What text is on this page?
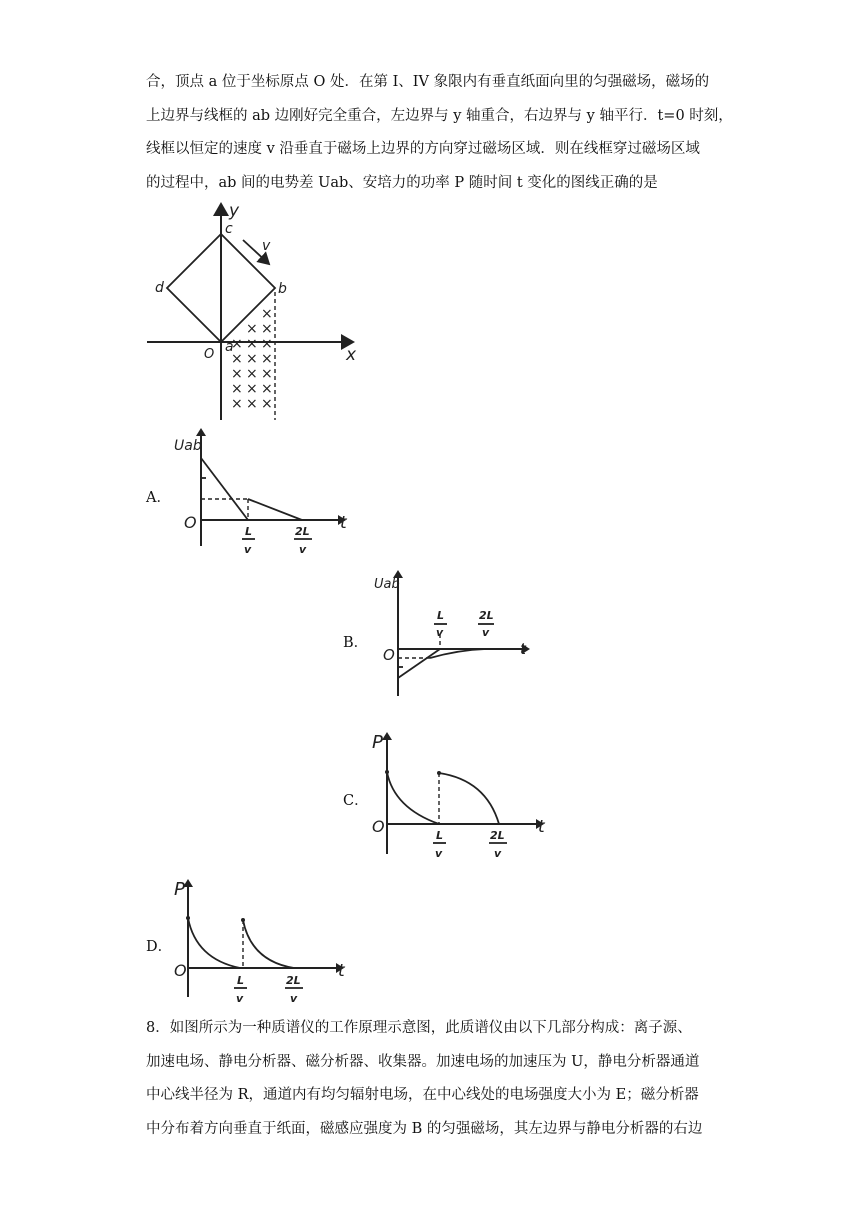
合，顶点 a 位于坐标原点 O 处．在第 I、IV 象限内有垂直纸面向里的匀强磁场，磁场的

上边界与线框的 ab 边刚好完全重合，左边界与 y 轴重合，右边界与 y 轴平行．t=0 时刻，

线框以恒定的速度 v 沿垂直于磁场上边界的方向穿过磁场区域．则在线框穿过磁场区域

的过程中，ab 间的电势差 Uab、安培力的功率 P 随时间 t 变化的图线正确的是

y
x
O a
b
c
d
v
×
× ×
× × ×
× × ×
× × ×
× × ×
× × ×
A．
Uab
t
O	L
v
2L
v
B．
Uab
t
O
L
v
2L
v
C．
P
t
O	L
v
2L
v
D．
P
t
O
L
v
2L
v

8．如图所示为一种质谱仪的工作原理示意图，此质谱仪由以下几部分构成：离子源、

加速电场、静电分析器、磁分析器、收集器。加速电场的加速压为 U，静电分析器通道

中心线半径为 R，通道内有均匀辐射电场，在中心线处的电场强度大小为 E；磁分析器

中分布着方向垂直于纸面，磁感应强度为 B 的匀强磁场，其左边界与静电分析器的右边
